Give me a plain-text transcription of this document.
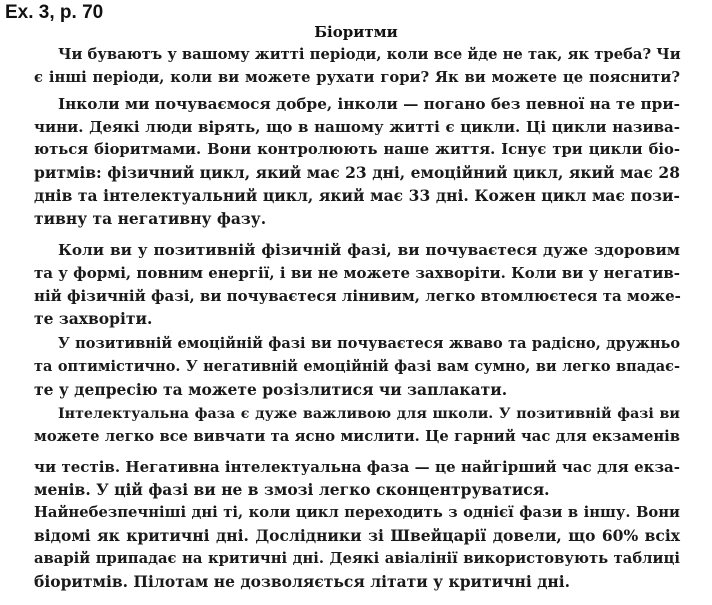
Ex. 3, p. 70
Біоритми
Чи буваютъ у вашому житті періоди, коли все йде не так, як треба? Чи
є інші періоди, коли ви можете рухати гори? Як ви можете це пояснити?
Інколи ми почуваємося добре, інколи — погано без певної на те при-
чини. Деякі люди вірять, що в нашому житті є цикли. Ці цикли назива-
ються біоритмами. Вони контролюють наше життя. Існує три цикли біо-
ритмів: фізичний цикл, який має 23 дні, емоційний цикл, який має 28
днів та інтелектуальний цикл, який має 33 дні. Кожен цикл має пози-
тивну та негативну фазу.
Коли ви у позитивній фізичній фазі, ви почуваєтеся дуже здоровим
та у формі, повним енергії, і ви не можете захворіти. Коли ви у негатив-
ній фізичній фазі, ви почуваєтеся лінивим, легко втомлюєтеся та може-
те захворіти.
У позитивній емоційній фазі ви почуваєтеся жваво та радісно, дружньо
та оптимістично. У негативній емоційній фазі вам сумно, ви легко впадає-
те у депресію та можете розізлитися чи заплакати.
Інтелектуальна фаза є дуже важливою для школи. У позитивній фазі ви
можете легко все вивчати та ясно мислити. Це гарний час для екзаменів
чи тестів. Негативна інтелектуальна фаза — це найгірший час для екза-
менів. У цій фазі ви не в змозі легко сконцентруватися.
Найнебезпечніші дні ті, коли цикл переходить з однієї фази в іншу. Вони
відомі як критичні дні. Дослідники зі Швейцарії довели, що 60% всіх
аварій припадає на критичні дні. Деякі авіалінії використовують таблиці
біоритмів. Пілотам не дозволяється літати у критичні дні.
